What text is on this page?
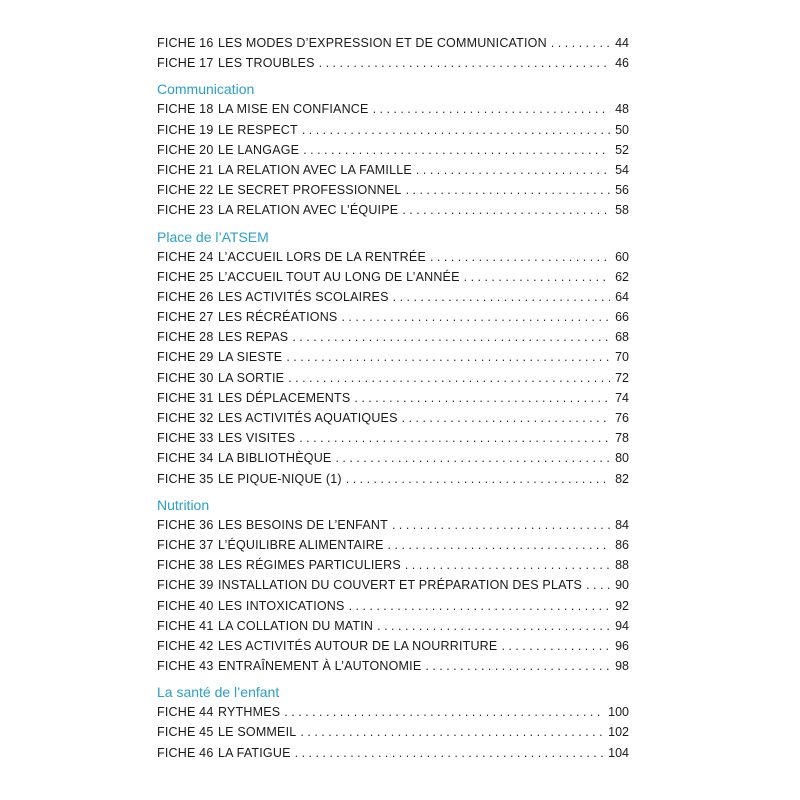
FICHE 16 LES MODES D’EXPRESSION ET DE COMMUNICATION . . .	44
FICHE 17 LES TROUBLES . . .	46
Communication
FICHE 18 LA MISE EN CONFIANCE . . .	48
FICHE 19 LE RESPECT . . .	50
FICHE 20 LE LANGAGE . . .	52
FICHE 21 LA RELATION AVEC LA FAMILLE . . .	54
FICHE 22 LE SECRET PROFESSIONNEL . . .	56
FICHE 23 LA RELATION AVEC L’ÉQUIPE . . .	58
Place de l’ATSEM
FICHE 24 L’ACCUEIL LORS DE LA RENTRÉE . . .	60
FICHE 25 L’ACCUEIL TOUT AU LONG DE L’ANNÉE . . .	62
FICHE 26 LES ACTIVITÉS SCOLAIRES . . .	64
FICHE 27 LES RÉCRÉATIONS . . .	66
FICHE 28 LES REPAS . . .	68
FICHE 29 LA SIESTE . . .	70
FICHE 30 LA SORTIE . . .	72
FICHE 31 LES DÉPLACEMENTS . . .	74
FICHE 32 LES ACTIVITÉS AQUATIQUES . . .	76
FICHE 33 LES VISITES . . .	78
FICHE 34 LA BIBLIOTHÈQUE . . .	80
FICHE 35 LE PIQUE-NIQUE (1) . . .	82
Nutrition
FICHE 36 LES BESOINS DE L’ENFANT . . .	84
FICHE 37 L’ÉQUILIBRE ALIMENTAIRE . . .	86
FICHE 38 LES RÉGIMES PARTICULIERS . . .	88
FICHE 39 INSTALLATION DU COUVERT ET PRÉPARATION DES PLATS . . .	90
FICHE 40 LES INTOXICATIONS . . .	92
FICHE 41 LA COLLATION DU MATIN . . .	94
FICHE 42 LES ACTIVITÉS AUTOUR DE LA NOURRITURE . . .	96
FICHE 43 ENTRAÎNEMENT À L’AUTONOMIE . . .	98
La santé de l’enfant
FICHE 44 RYTHMES . . .	100
FICHE 45 LE SOMMEIL . . .	102
FICHE 46 LA FATIGUE . . .	104
